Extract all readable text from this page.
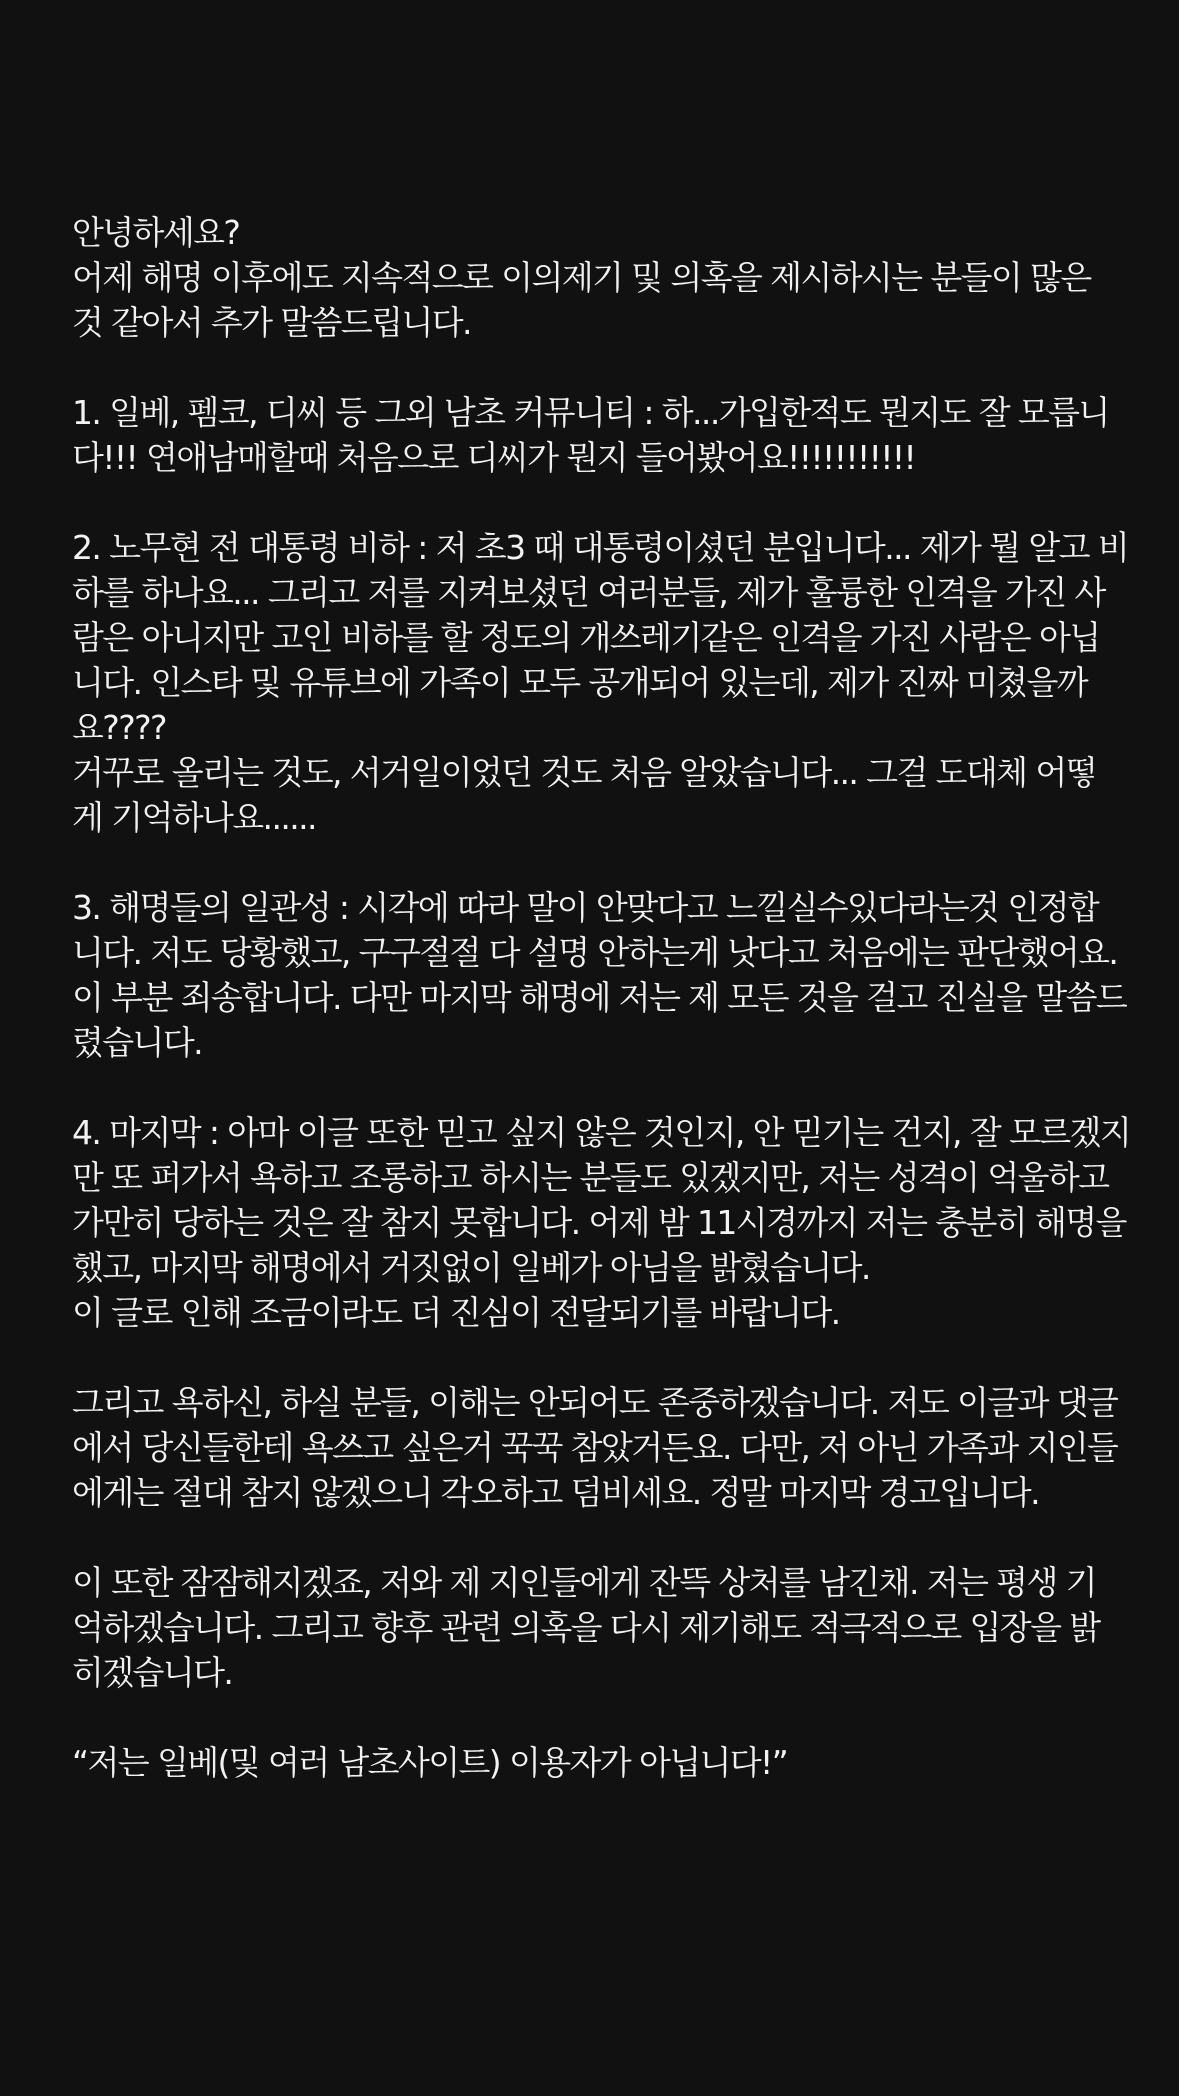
안녕하세요?
어제 해명 이후에도 지속적으로 이의제기 및 의혹을 제시하시는 분들이 많은
것 같아서 추가 말씀드립니다.
1. 일베, 펨코, 디씨 등 그외 남초 커뮤니티 : 하...가입한적도 뭔지도 잘 모릅니
다!!! 연애남매할때 처음으로 디씨가 뭔지 들어봤어요!!!!!!!!!!!
2. 노무현 전 대통령 비하 : 저 초3 때 대통령이셨던 분입니다... 제가 뭘 알고 비
하를 하나요... 그리고 저를 지켜보셨던 여러분들, 제가 훌륭한 인격을 가진 사
람은 아니지만 고인 비하를 할 정도의 개쓰레기같은 인격을 가진 사람은 아닙
니다. 인스타 및 유튜브에 가족이 모두 공개되어 있는데, 제가 진짜 미쳤을까
요????
거꾸로 올리는 것도, 서거일이었던 것도 처음 알았습니다... 그걸 도대체 어떻
게 기억하나요......
3. 해명들의 일관성 : 시각에 따라 말이 안맞다고 느낄실수있다라는것 인정합
니다. 저도 당황했고, 구구절절 다 설명 안하는게 낫다고 처음에는 판단했어요.
이 부분 죄송합니다. 다만 마지막 해명에 저는 제 모든 것을 걸고 진실을 말씀드
렸습니다.
4. 마지막 : 아마 이글 또한 믿고 싶지 않은 것인지, 안 믿기는 건지, 잘 모르겠지
만 또 퍼가서 욕하고 조롱하고 하시는 분들도 있겠지만, 저는 성격이 억울하고
가만히 당하는 것은 잘 참지 못합니다. 어제 밤 11시경까지 저는 충분히 해명을
했고, 마지막 해명에서 거짓없이 일베가 아님을 밝혔습니다.
이 글로 인해 조금이라도 더 진심이 전달되기를 바랍니다.
그리고 욕하신, 하실 분들, 이해는 안되어도 존중하겠습니다. 저도 이글과 댓글
에서 당신들한테 욕쓰고 싶은거 꾹꾹 참았거든요. 다만, 저 아닌 가족과 지인들
에게는 절대 참지 않겠으니 각오하고 덤비세요. 정말 마지막 경고입니다.
이 또한 잠잠해지겠죠, 저와 제 지인들에게 잔뜩 상처를 남긴채. 저는 평생 기
억하겠습니다. 그리고 향후 관련 의혹을 다시 제기해도 적극적으로 입장을 밝
히겠습니다.
“저는 일베(및 여러 남초사이트) 이용자가 아닙니다!”
